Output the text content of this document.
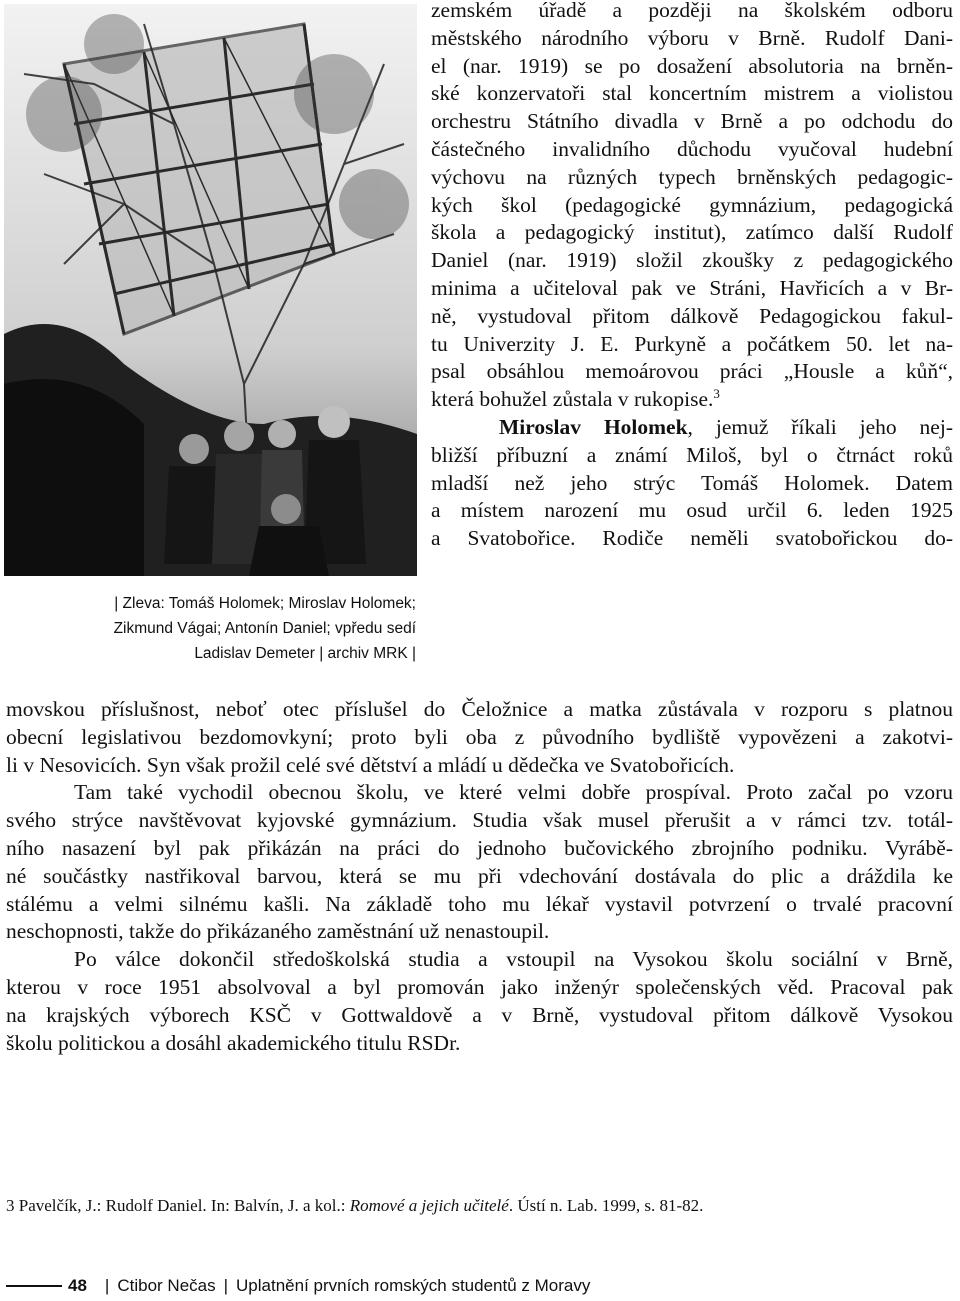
| Zleva: Tomáš Holomek; Miroslav Holomek;
Zikmund Vágai; Antonín Daniel; vpředu sedí
Ladislav Demeter | archiv MRK |
zemském úřadě a později na školském odboru
městského národního výboru v Brně. Rudolf Dani-
el (nar. 1919) se po dosažení absolutoria na brněn-
ské konzervatoři stal koncertním mistrem a violistou
orchestru Státního divadla v Brně a po odchodu do
částečného invalidního důchodu vyučoval hudební
výchovu na různých typech brněnských pedagogic-
kých škol (pedagogické gymnázium, pedagogická
škola a pedagogický institut), zatímco další Rudolf
Daniel (nar. 1919) složil zkoušky z pedagogického
minima a učiteloval pak ve Stráni, Havřicích a v Br-
ně, vystudoval přitom dálkově Pedagogickou fakul-
tu Univerzity J. E. Purkyně a počátkem 50. let na-
psal obsáhlou memoárovou práci „Housle a kůň“,
která bohužel zůstala v rukopise.$^3$
Miroslav Holomek, jemuž říkali jeho nej-
bližší příbuzní a známí Miloš, byl o čtrnáct roků
mladší než jeho strýc Tomáš Holomek. Datem
a místem narození mu osud určil 6. leden 1925
a Svatobořice. Rodiče neměli svatobořickou do-
movskou příslušnost, neboť otec příslušel do Čeložnice a matka zůstávala v rozporu s platnou
obecní legislativou bezdomovkyní; proto byli oba z původního bydliště vypovězeni a zakotvi-
li v Nesovicích. Syn však prožil celé své dětství a mládí u dědečka ve Svatobořicích.
Tam také vychodil obecnou školu, ve které velmi dobře prospíval. Proto začal po vzoru
svého strýce navštěvovat kyjovské gymnázium. Studia však musel přerušit a v rámci tzv. totál-
ního nasazení byl pak přikázán na práci do jednoho bučovického zbrojního podniku. Vyrábě-
né součástky nastřikoval barvou, která se mu při vdechování dostávala do plic a dráždila ke
stálému a velmi silnému kašli. Na základě toho mu lékař vystavil potvrzení o trvalé pracovní
neschopnosti, takže do přikázaného zaměstnání už nenastoupil.
Po válce dokončil středoškolská studia a vstoupil na Vysokou školu sociální v Brně,
kterou v roce 1951 absolvoval a byl promován jako inženýr společenských věd. Pracoval pak
na krajských výborech KSČ v Gottwaldově a v Brně, vystudoval přitom dálkově Vysokou
školu politickou a dosáhl akademického titulu RSDr.
3 Pavelčík, J.: Rudolf Daniel. In: Balvín, J. a kol.: Romové a jejich učitelé. Ústí n. Lab. 1999, s. 81-82.
48 | Ctibor Nečas | Uplatnění prvních romských studentů z Moravy
